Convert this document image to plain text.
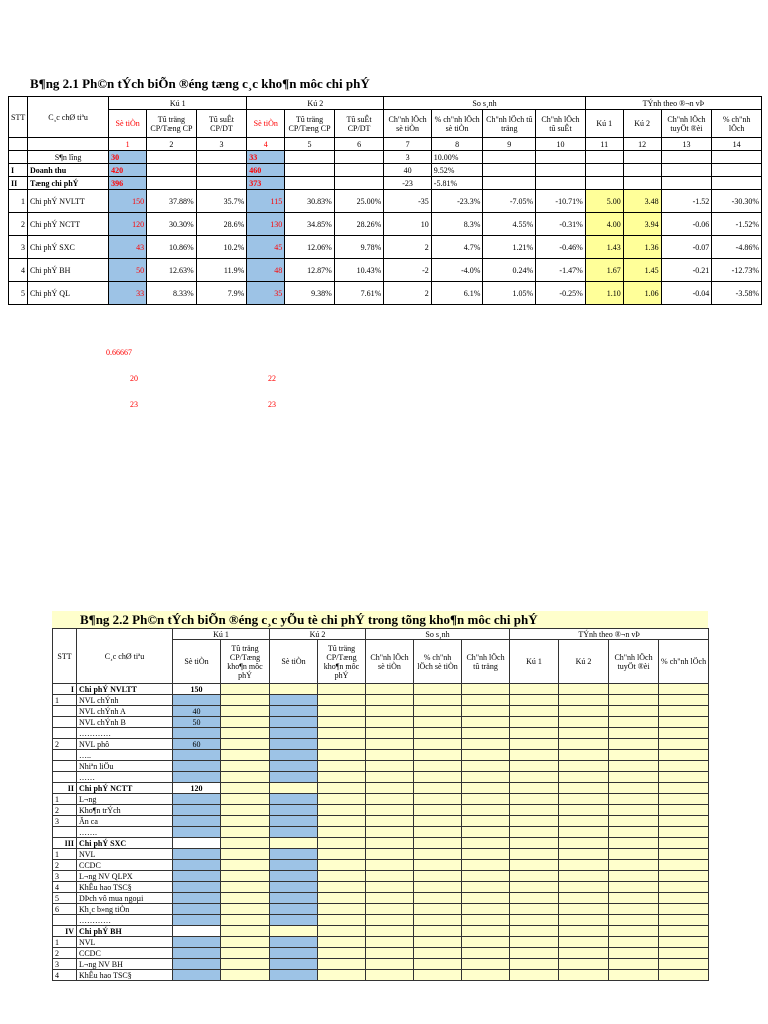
B¶ng 2.1 Ph©n tÝch biÕn ®éng tæng c¸c kho¶n môc chi phÝ
STT	C¸c chØ tiªu	Kú 1			Kú 2			So s¸nh				TÝnh theo ®¬n vÞ			
		Sè tiÒn	Tû träng CP/Tæng CP	Tû suÊt CP/DT	Sè tiÒn	Tû träng CP/Tæng CP	Tû suÊt CP/DT	Ch"nh lÖch sè tiÒn	% ch"nh lÖch sè tiÒn	Ch"nh lÖch tû träng	Ch"nh lÖch tû suÊt	Kú 1	Kú 2	Ch"nh lÖch tuyÖt ®èi	% ch"nh lÖch
		1	2	3	4	5	6	7	8	9	10	11	12	13	14
	S¶n lîng	30			33			3	10.00%						
I	Doanh thu	420			460			40	9.52%						
II	Tæng chi phÝ	396			373			-23	-5.81%						
1	Chi phÝ NVLTT	150	37.88%	35.7%	115	30.83%	25.00%	-35	-23.3%	-7.05%	-10.71%	5.00	3.48	-1.52	-30.30%
2	Chi phÝ NCTT	120	30.30%	28.6%	130	34.85%	28.26%	10	8.3%	4.55%	-0.31%	4.00	3.94	-0.06	-1.52%
3	Chi phÝ SXC	43	10.86%	10.2%	45	12.06%	9.78%	2	4.7%	1.21%	-0.46%	1.43	1.36	-0.07	-4.86%
4	Chi phÝ BH	50	12.63%	11.9%	48	12.87%	10.43%	-2	-4.0%	0.24%	-1.47%	1.67	1.45	-0.21	-12.73%
5	Chi phÝ QL	33	8.33%	7.9%	35	9.38%	7.61%	2	6.1%	1.05%	-0.25%	1.10	1.06	-0.04	-3.58%
0.66667
20	22
23	23
B¶ng 2.2 Ph©n tÝch biÕn ®éng c¸c yÕu tè chi phÝ trong tõng kho¶n môc chi phÝ
STT	C¸c chØ tiªu	Kú 1		Kú 2		So s¸nh			TÝnh theo ®¬n vÞ			
		Sè tiÒn	Tû träng CP/Tæng kho¶n môc phÝ	Sè tiÒn	Tû träng CP/Tæng kho¶n môc phÝ	Ch"nh lÖch sè tiÒn	% ch"nh lÖch sè tiÒn	Ch"nh lÖch tû träng	Kú 1	Kú 2	Ch"nh lÖch tuyÖt ®èi	% ch"nh lÖch
I	Chi phÝ NVLTT	150										
1	NVL chÝnh											
	NVL chÝnh A	40										
	NVL chÝnh B	50										
	…………											
2	NVL phô	60										
	…..											
	Nhiªn liÖu											
	……											
II	Chi phÝ NCTT	120										
1	L¬ng											
2	Kho¶n trÝch											
3	Ăn ca											
	…….											
III	Chi phÝ SXC											
1	NVL											
2	CCDC											
3	L¬ng NV QLPX											
4	KhÊu hao TSC§											
5	DÞch vô mua ngoµi											
6	Kh¸c b»ng tiÒn											
	…………											
IV	Chi phÝ BH											
1	NVL											
2	CCDC											
3	L¬ng NV BH											
4	KhÊu hao TSC§											
